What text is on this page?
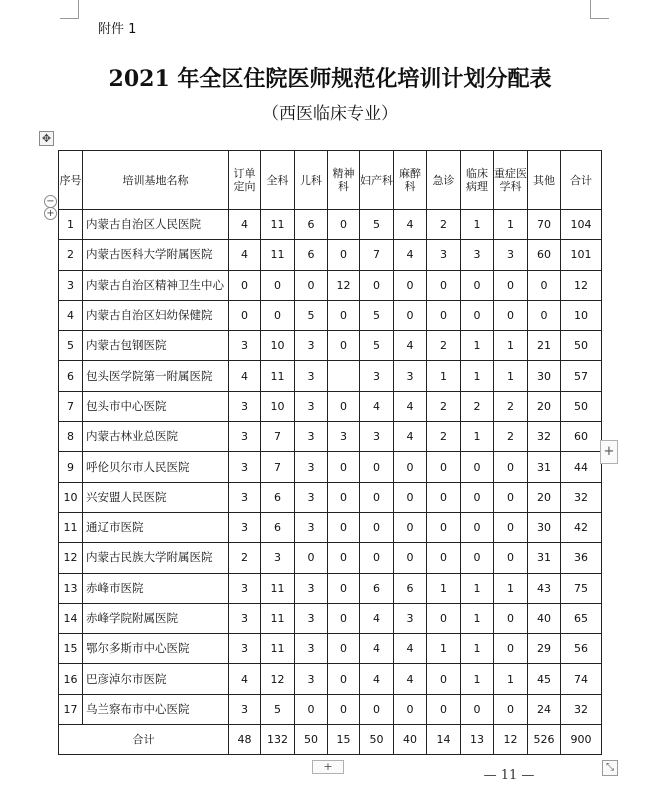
附件 1
2021 年全区住院医师规范化培训计划分配表
（西医临床专业）
✥
−
+
序号	培训基地名称	订单定向	全科	儿科	精神科	妇产科	麻醉科	急诊	临床病理	重症医学科	其他	合计
1	内蒙古自治区人民医院	4	11	6	0	5	4	2	1	1	70	104
2	内蒙古医科大学附属医院	4	11	6	0	7	4	3	3	3	60	101
3	内蒙古自治区精神卫生中心	0	0	0	12	0	0	0	0	0	0	12
4	内蒙古自治区妇幼保健院	0	0	5	0	5	0	0	0	0	0	10
5	内蒙古包钢医院	3	10	3	0	5	4	2	1	1	21	50
6	包头医学院第一附属医院	4	11	3		3	3	1	1	1	30	57
7	包头市中心医院	3	10	3	0	4	4	2	2	2	20	50
8	内蒙古林业总医院	3	7	3	3	3	4	2	1	2	32	60
9	呼伦贝尔市人民医院	3	7	3	0	0	0	0	0	0	31	44
10	兴安盟人民医院	3	6	3	0	0	0	0	0	0	20	32
11	通辽市医院	3	6	3	0	0	0	0	0	0	30	42
12	内蒙古民族大学附属医院	2	3	0	0	0	0	0	0	0	31	36
13	赤峰市医院	3	11	3	0	6	6	1	1	1	43	75
14	赤峰学院附属医院	3	11	3	0	4	3	0	1	0	40	65
15	鄂尔多斯市中心医院	3	11	3	0	4	4	1	1	0	29	56
16	巴彦淖尔市医院	4	12	3	0	4	4	0	1	1	45	74
17	乌兰察布市中心医院	3	5	0	0	0	0	0	0	0	24	32
合计		48	132	50	15	50	40	14	13	12	526	900
+
+	⤡
— 11 —
